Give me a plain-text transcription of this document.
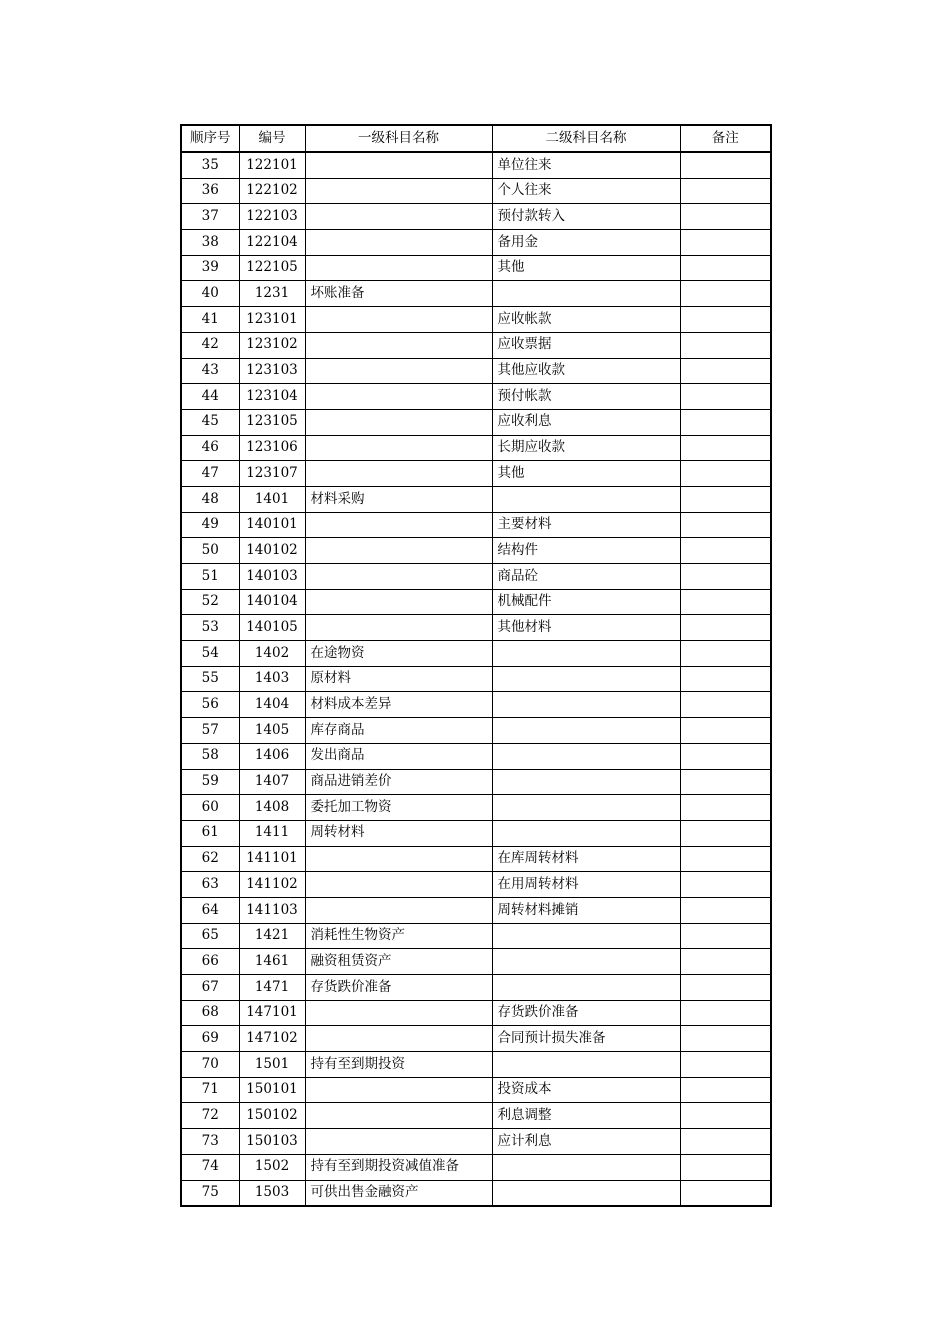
顺序号	编号	一级科目名称	二级科目名称	备注
35	122101		单位往来	
36	122102		个人往来	
37	122103		预付款转入	
38	122104		备用金	
39	122105		其他	
40	1231	坏账准备		
41	123101		应收帐款	
42	123102		应收票据	
43	123103		其他应收款	
44	123104		预付帐款	
45	123105		应收利息	
46	123106		长期应收款	
47	123107		其他	
48	1401	材料采购		
49	140101		主要材料	
50	140102		结构件	
51	140103		商品砼	
52	140104		机械配件	
53	140105		其他材料	
54	1402	在途物资		
55	1403	原材料		
56	1404	材料成本差异		
57	1405	库存商品		
58	1406	发出商品		
59	1407	商品进销差价		
60	1408	委托加工物资		
61	1411	周转材料		
62	141101		在库周转材料	
63	141102		在用周转材料	
64	141103		周转材料摊销	
65	1421	消耗性生物资产		
66	1461	融资租赁资产		
67	1471	存货跌价准备		
68	147101		存货跌价准备	
69	147102		合同预计损失准备	
70	1501	持有至到期投资		
71	150101		投资成本	
72	150102		利息调整	
73	150103		应计利息	
74	1502	持有至到期投资减值准备		
75	1503	可供出售金融资产		
